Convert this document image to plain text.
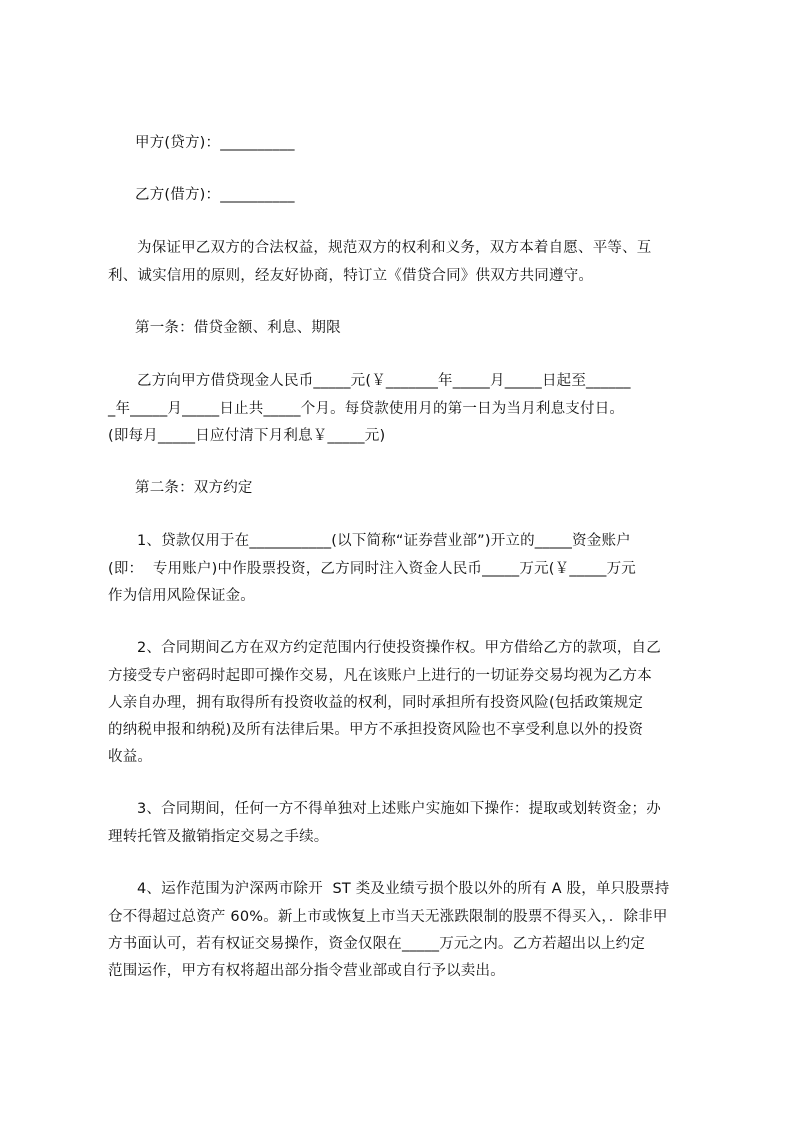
甲方(贷方)：__________
乙方(借方)：__________
为保证甲乙双方的合法权益，规范双方的权利和义务，双方本着自愿、平等、互
利、诚实信用的原则，经友好协商，特订立《借贷合同》供双方共同遵守。
第一条：借贷金额、利息、期限
乙方向甲方借贷现金人民币_____元(￥_______年_____月_____日起至______
_年_____月_____日止共_____个月。每贷款使用月的第一日为当月利息支付日。
(即每月_____日应付清下月利息￥_____元)
第二条：双方约定
1、贷款仅用于在___________(以下简称“证券营业部”)开立的_____资金账户
(即：  专用账户)中作股票投资，乙方同时注入资金人民币_____万元(￥_____万元
作为信用风险保证金。
2、合同期间乙方在双方约定范围内行使投资操作权。甲方借给乙方的款项，自乙
方接受专户密码时起即可操作交易，凡在该账户上进行的一切证券交易均视为乙方本
人亲自办理，拥有取得所有投资收益的权利，同时承担所有投资风险(包括政策规定
的纳税申报和纳税)及所有法律后果。甲方不承担投资风险也不享受利息以外的投资
收益。
3、合同期间，任何一方不得单独对上述账户实施如下操作：提取或划转资金；办
理转托管及撤销指定交易之手续。
4、运作范围为沪深两市除开  ST 类及业绩亏损个股以外的所有 A 股，单只股票持
仓不得超过总资产 60%。新上市或恢复上市当天无涨跌限制的股票不得买入，．除非甲
方书面认可，若有权证交易操作，资金仅限在_____万元之内。乙方若超出以上约定
范围运作，甲方有权将超出部分指令营业部或自行予以卖出。
